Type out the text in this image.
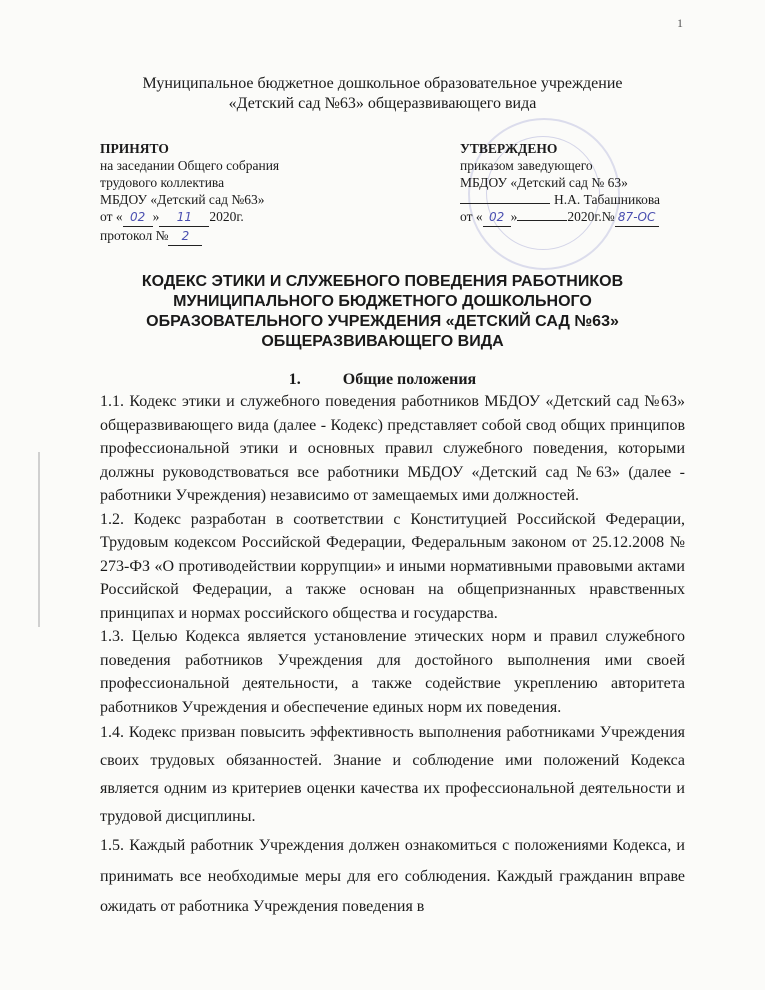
1
Муниципальное бюджетное дошкольное образовательное учреждение
«Детский сад №63» общеразвивающего вида
ПРИНЯТО
на заседании Общего собрания
трудового коллектива
МБДОУ «Детский сад №63»
от « 02 » 11 2020г.
протокол № 2
УТВЕРЖДЕНО
приказом заведующего
МБДОУ «Детский сад № 63»
Н.А. Табашникова
от « 02 »	2020г.№ 87-ОС
КОДЕКС ЭТИКИ И СЛУЖЕБНОГО ПОВЕДЕНИЯ РАБОТНИКОВ
МУНИЦИПАЛЬНОГО БЮДЖЕТНОГО ДОШКОЛЬНОГО
ОБРАЗОВАТЕЛЬНОГО УЧРЕЖДЕНИЯ «ДЕТСКИЙ САД №63»
ОБЩЕРАЗВИВАЮЩЕГО ВИДА
1.	Общие положения

1.1. Кодекс этики и служебного поведения работников МБДОУ «Детский сад №63» общеразвивающего вида (далее - Кодекс) представляет собой свод общих принципов профессиональной этики и основных правил служебного поведения, которыми должны руководствоваться все работники МБДОУ «Детский сад №63» (далее - работники Учреждения) независимо от замещаемых ими должностей.

1.2. Кодекс разработан в соответствии с Конституцией Российской Федерации, Трудовым кодексом Российской Федерации, Федеральным законом от 25.12.2008 № 273-ФЗ «О противодействии коррупции» и иными нормативными правовыми актами Российской Федерации, а также основан на общепризнанных нравственных принципах и нормах российского общества и государства.

1.3. Целью Кодекса является установление этических норм и правил служебного поведения работников Учреждения для достойного выполнения ими своей профессиональной деятельности, а также содействие укреплению авторитета работников Учреждения и обеспечение единых норм их поведения.

1.4. Кодекс призван повысить эффективность выполнения работниками Учреждения своих трудовых обязанностей. Знание и соблюдение ими положений Кодекса является одним из критериев оценки качества их профессиональной деятельности и трудовой дисциплины.

1.5. Каждый работник Учреждения должен ознакомиться с положениями Кодекса, и принимать все необходимые меры для его соблюдения. Каждый гражданин вправе ожидать от работника Учреждения поведения в
